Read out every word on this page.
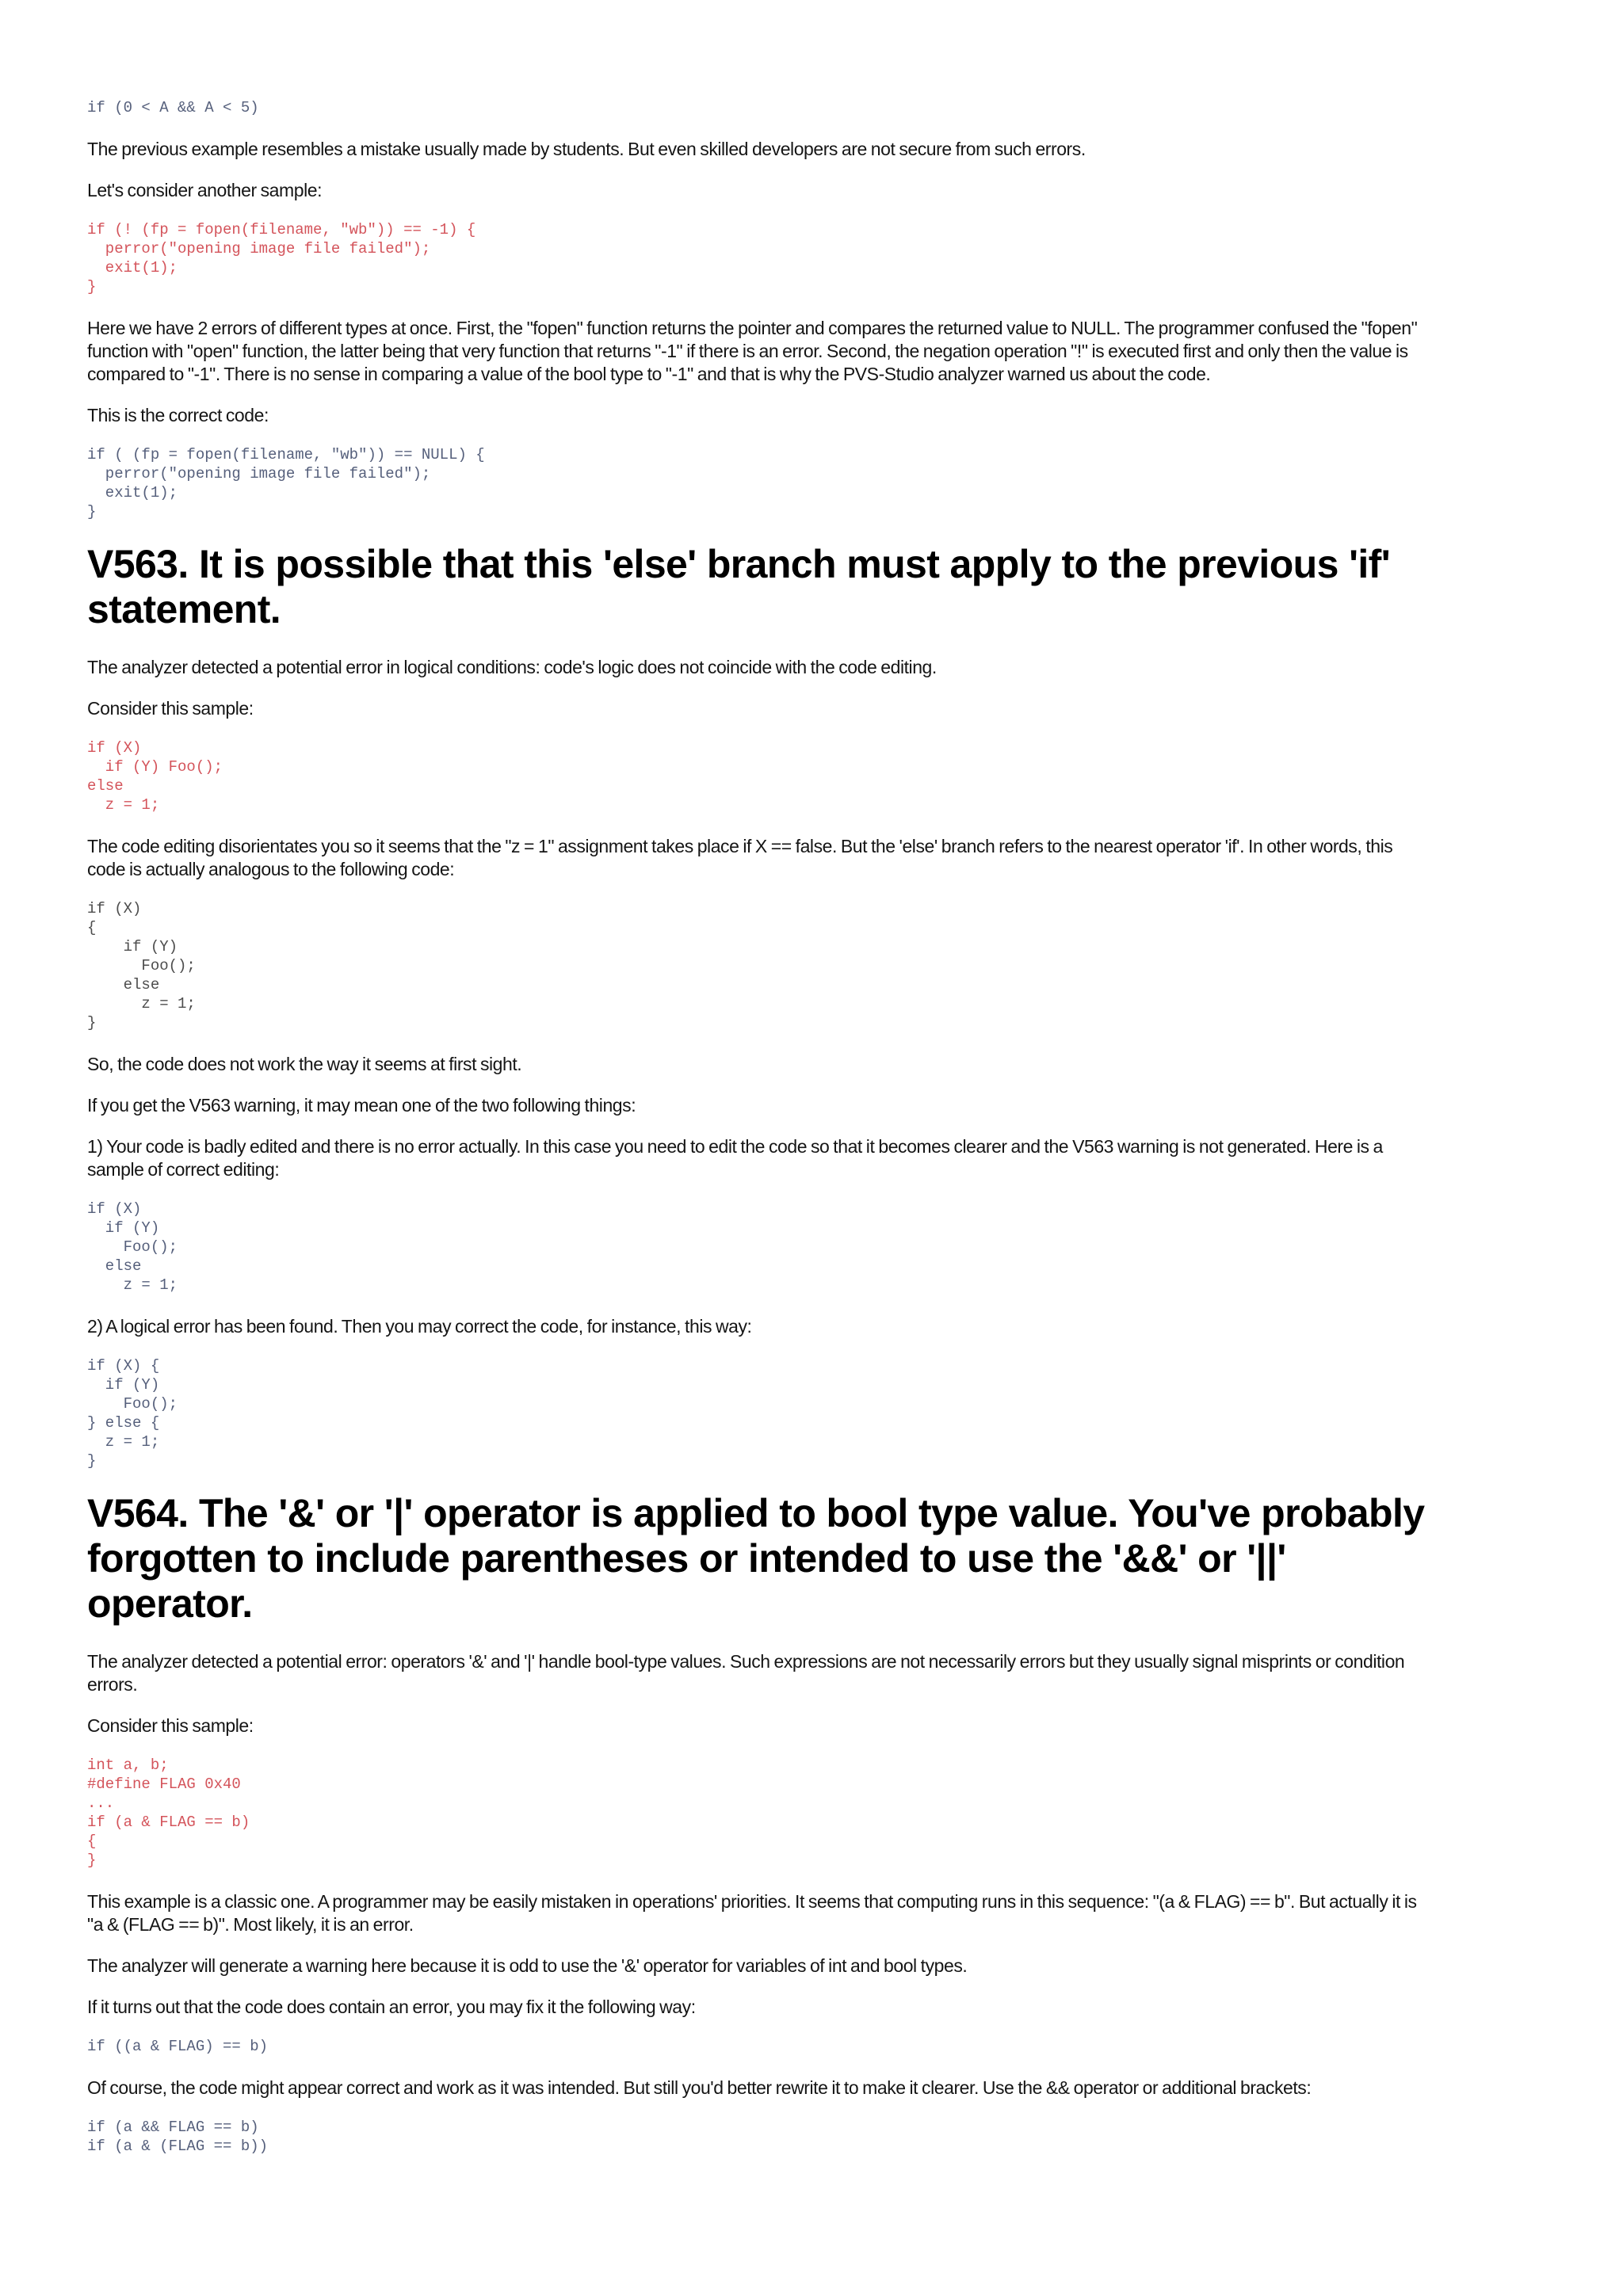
if (0 < A && A < 5)

The previous example resembles a mistake usually made by students. But even skilled developers are not secure from such errors.

Let's consider another sample:

if (! (fp = fopen(filename, "wb")) == -1) {
perror("opening image file failed");
exit(1);
}

Here we have 2 errors of different types at once. First, the "fopen" function returns the pointer and compares the returned value to NULL. The programmer confused the "fopen" function with "open" function, the latter being that very function that returns "-1" if there is an error. Second, the negation operation "!" is executed first and only then the value is compared to "-1". There is no sense in comparing a value of the bool type to "-1" and that is why the PVS-Studio analyzer warned us about the code.

This is the correct code:

if ( (fp = fopen(filename, "wb")) == NULL) {
perror("opening image file failed");
exit(1);
}
V563. It is possible that this 'else' branch must apply to the previous 'if' statement.

The analyzer detected a potential error in logical conditions: code's logic does not coincide with the code editing.

Consider this sample:

if (X)
if (Y) Foo();
else
z = 1;

The code editing disorientates you so it seems that the "z = 1" assignment takes place if X == false. But the 'else' branch refers to the nearest operator 'if'. In other words, this code is actually analogous to the following code:

if (X)
{
if (Y)
Foo();
else
z = 1;
}

So, the code does not work the way it seems at first sight.

If you get the V563 warning, it may mean one of the two following things:

1) Your code is badly edited and there is no error actually. In this case you need to edit the code so that it becomes clearer and the V563 warning is not generated. Here is a sample of correct editing:

if (X)
if (Y)
Foo();
else
z = 1;

2) A logical error has been found. Then you may correct the code, for instance, this way:

if (X) {
if (Y)
Foo();
} else {
z = 1;
}
V564. The '&' or '|' operator is applied to bool type value. You've probably forgotten to include parentheses or intended to use the '&&' or '||' operator.

The analyzer detected a potential error: operators '&' and '|' handle bool-type values. Such expressions are not necessarily errors but they usually signal misprints or condition errors.

Consider this sample:

int a, b;
#define FLAG 0x40
...
if (a & FLAG == b)
{
}

This example is a classic one. A programmer may be easily mistaken in operations' priorities. It seems that computing runs in this sequence: "(a & FLAG) == b". But actually it is "a & (FLAG == b)". Most likely, it is an error.

The analyzer will generate a warning here because it is odd to use the '&' operator for variables of int and bool types.

If it turns out that the code does contain an error, you may fix it the following way:

if ((a & FLAG) == b)

Of course, the code might appear correct and work as it was intended. But still you'd better rewrite it to make it clearer. Use the && operator or additional brackets:

if (a && FLAG == b)
if (a & (FLAG == b))
